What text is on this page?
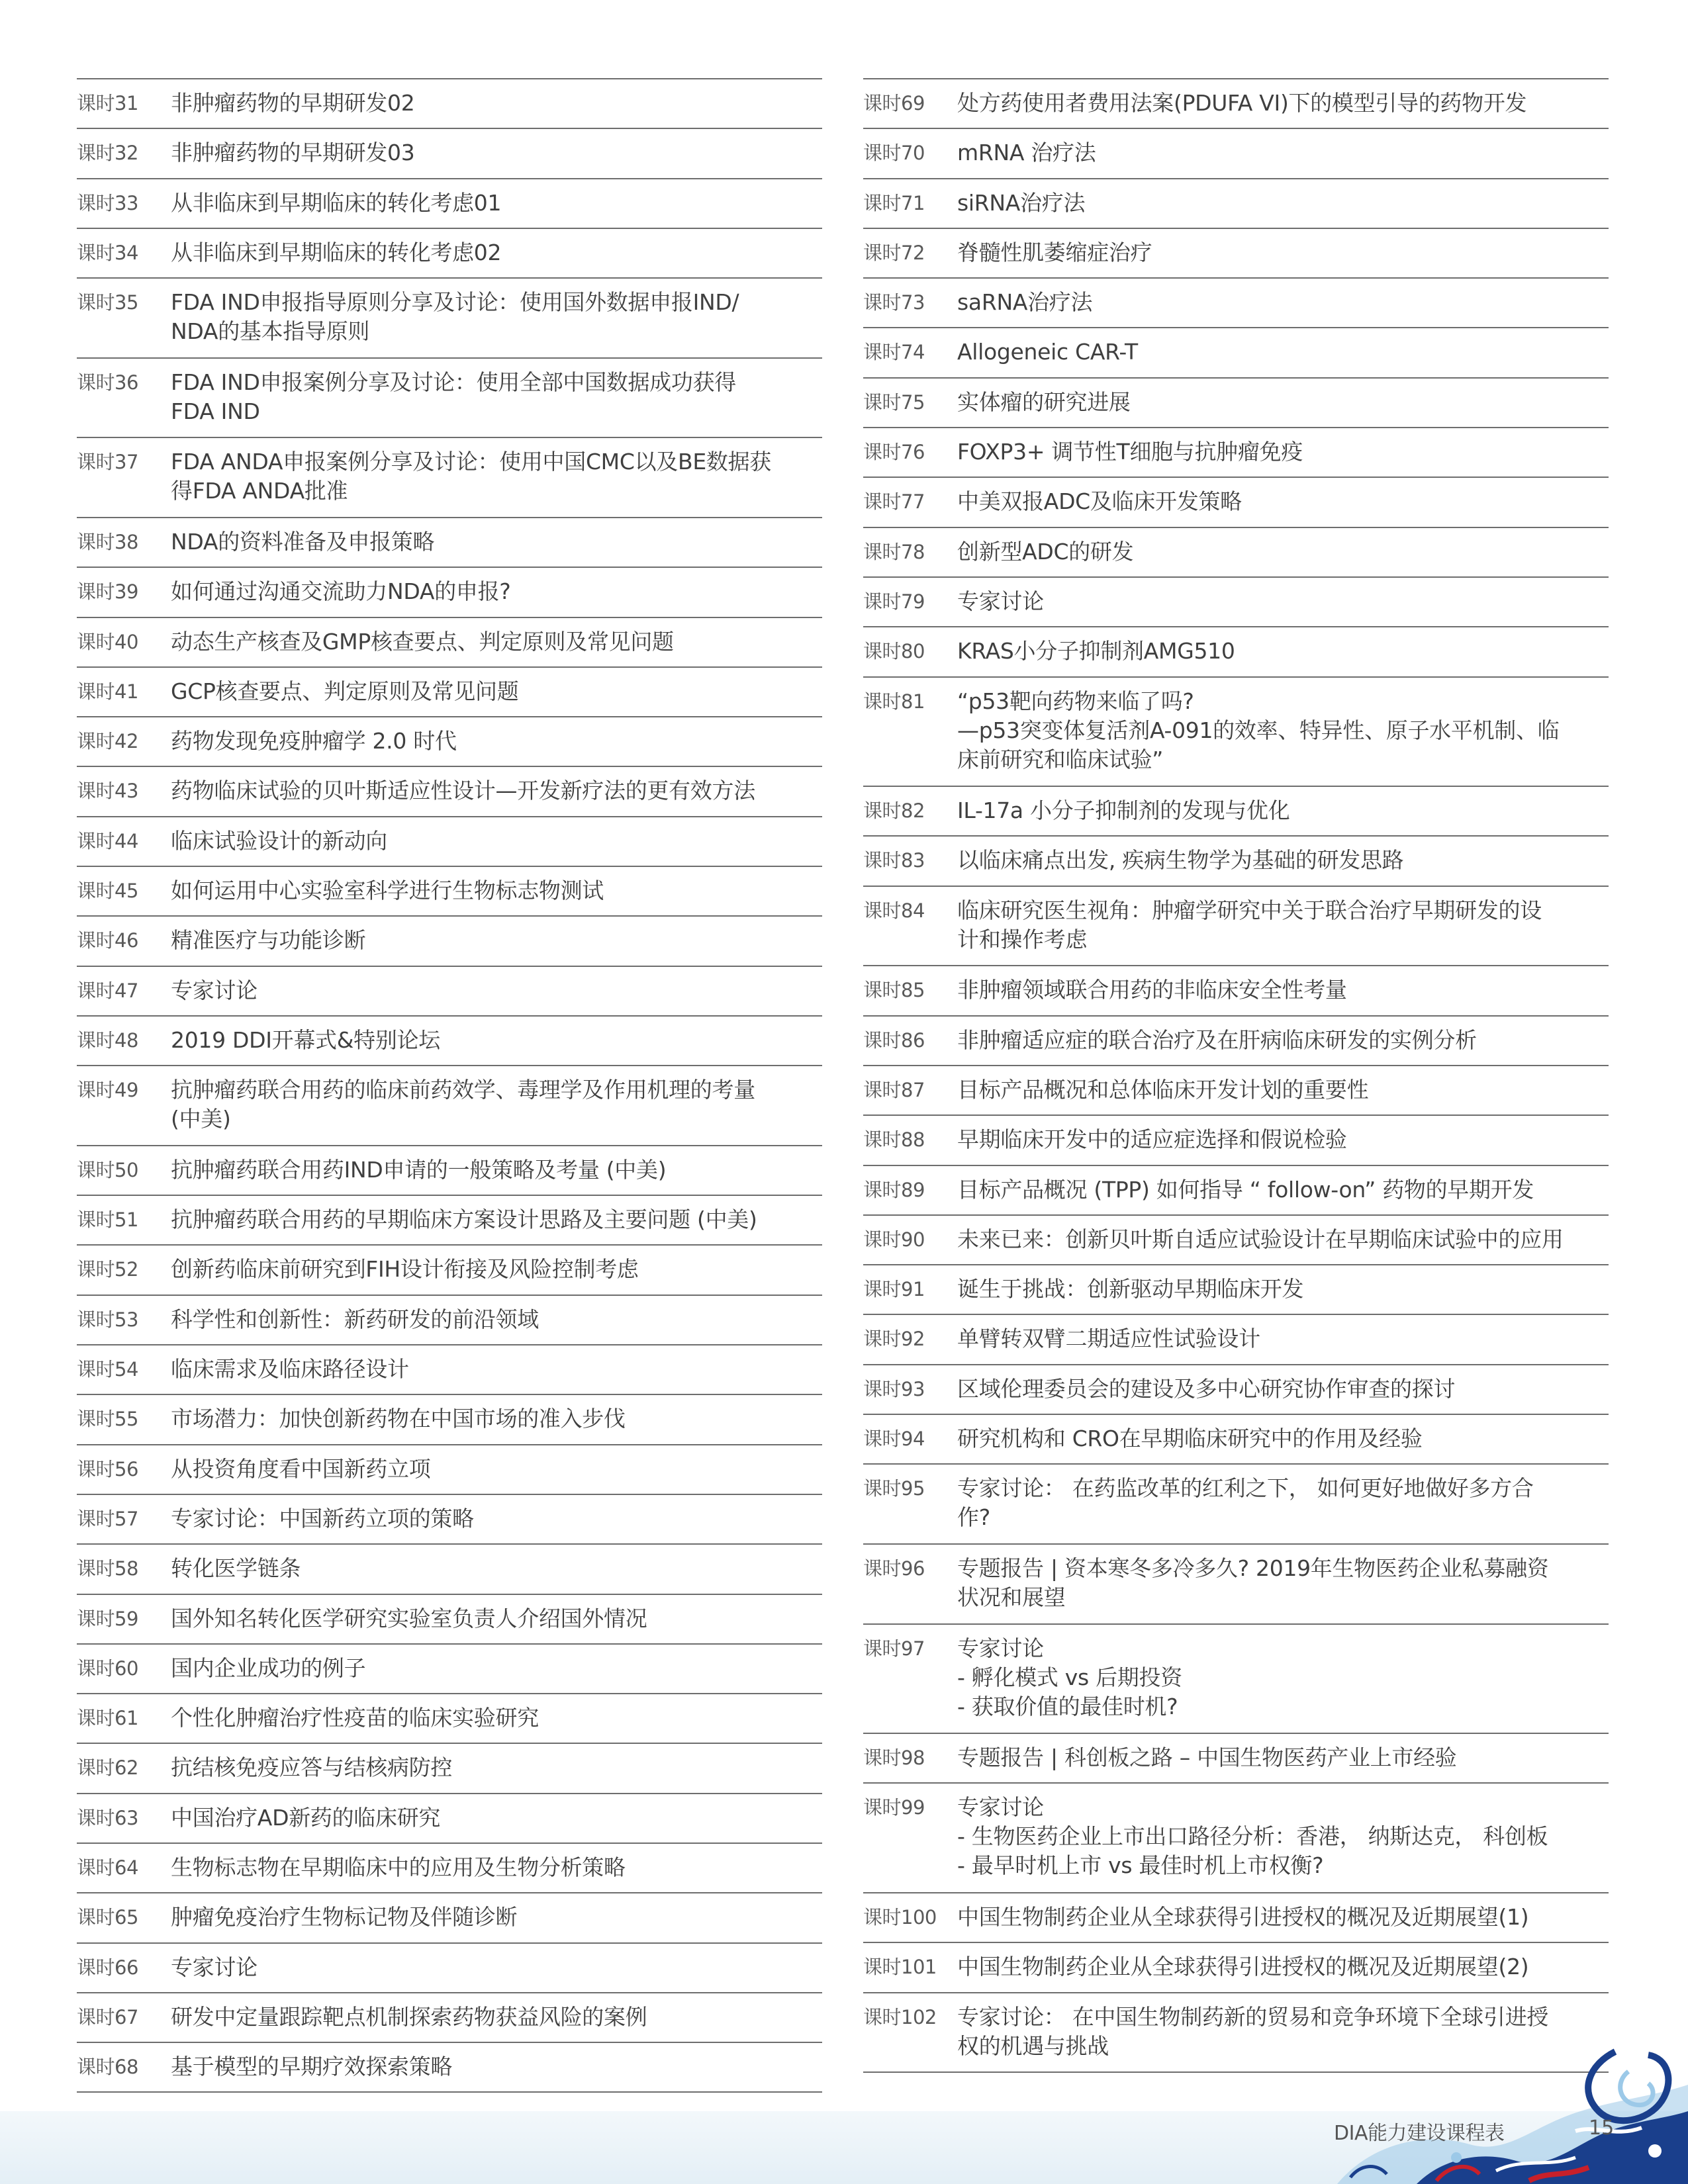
课时31	非肿瘤药物的早期研发02
课时32	非肿瘤药物的早期研发03
课时33	从非临床到早期临床的转化考虑01
课时34	从非临床到早期临床的转化考虑02
课时35	FDA IND申报指导原则分享及讨论：使用国外数据申报IND/
NDA的基本指导原则
课时36	FDA IND申报案例分享及讨论：使用全部中国数据成功获得
FDA IND
课时37	FDA ANDA申报案例分享及讨论：使用中国CMC以及BE数据获
得FDA ANDA批准
课时38	NDA的资料准备及申报策略
课时39	如何通过沟通交流助力NDA的申报?
课时40	动态生产核查及GMP核查要点、判定原则及常见问题
课时41	GCP核查要点、判定原则及常见问题
课时42	药物发现免疫肿瘤学 2.0 时代
课时43	药物临床试验的贝叶斯适应性设计—开发新疗法的更有效方法
课时44	临床试验设计的新动向
课时45	如何运用中心实验室科学进行生物标志物测试
课时46	精准医疗与功能诊断
课时47	专家讨论
课时48	2019 DDI开幕式&特别论坛
课时49	抗肿瘤药联合用药的临床前药效学、毒理学及作用机理的考量
(中美)
课时50	抗肿瘤药联合用药IND申请的一般策略及考量 (中美)
课时51	抗肿瘤药联合用药的早期临床方案设计思路及主要问题 (中美)
课时52	创新药临床前研究到FIH设计衔接及风险控制考虑
课时53	科学性和创新性：新药研发的前沿领域
课时54	临床需求及临床路径设计
课时55	市场潜力：加快创新药物在中国市场的准入步伐
课时56	从投资角度看中国新药立项
课时57	专家讨论：中国新药立项的策略
课时58	转化医学链条
课时59	国外知名转化医学研究实验室负责人介绍国外情况
课时60	国内企业成功的例子
课时61	个性化肿瘤治疗性疫苗的临床实验研究
课时62	抗结核免疫应答与结核病防控
课时63	中国治疗AD新药的临床研究
课时64	生物标志物在早期临床中的应用及生物分析策略
课时65	肿瘤免疫治疗生物标记物及伴随诊断
课时66	专家讨论
课时67	研发中定量跟踪靶点机制探索药物获益风险的案例
课时68	基于模型的早期疗效探索策略
课时69	处方药使用者费用法案(PDUFA VI)下的模型引导的药物开发
课时70	mRNA 治疗法
课时71	siRNA治疗法
课时72	脊髓性肌萎缩症治疗
课时73	saRNA治疗法
课时74	Allogeneic CAR-T
课时75	实体瘤的研究进展
课时76	FOXP3+ 调节性T细胞与抗肿瘤免疫
课时77	中美双报ADC及临床开发策略
课时78	创新型ADC的研发
课时79	专家讨论
课时80	KRAS小分子抑制剂AMG510
课时81	“p53靶向药物来临了吗?
—p53突变体复活剂A-091的效率、特异性、原子水平机制、临
床前研究和临床试验”
课时82	IL-17a 小分子抑制剂的发现与优化
课时83	以临床痛点出发, 疾病生物学为基础的研发思路
课时84	临床研究医生视角：肿瘤学研究中关于联合治疗早期研发的设
计和操作考虑
课时85	非肿瘤领域联合用药的非临床安全性考量
课时86	非肿瘤适应症的联合治疗及在肝病临床研发的实例分析
课时87	目标产品概况和总体临床开发计划的重要性
课时88	早期临床开发中的适应症选择和假说检验
课时89	目标产品概况 (TPP) 如何指导 “ follow-on” 药物的早期开发
课时90	未来已来：创新贝叶斯自适应试验设计在早期临床试验中的应用
课时91	诞生于挑战：创新驱动早期临床开发
课时92	单臂转双臂二期适应性试验设计
课时93	区域伦理委员会的建设及多中心研究协作审查的探讨
课时94	研究机构和 CRO在早期临床研究中的作用及经验
课时95	专家讨论： 在药监改革的红利之下， 如何更好地做好多方合
作?
课时96	专题报告 | 资本寒冬多冷多久? 2019年生物医药企业私募融资
状况和展望
课时97	专家讨论
- 孵化模式 vs 后期投资
- 获取价值的最佳时机?
课时98	专题报告 | 科创板之路 – 中国生物医药产业上市经验
课时99	专家讨论
- 生物医药企业上市出口路径分析：香港， 纳斯达克， 科创板
- 最早时机上市 vs 最佳时机上市权衡?
课时100 中国生物制药企业从全球获得引进授权的概况及近期展望(1)
课时101 中国生物制药企业从全球获得引进授权的概况及近期展望(2)
课时102 专家讨论： 在中国生物制药新的贸易和竞争环境下全球引进授
权的机遇与挑战
DIA能力建设课程表	15
